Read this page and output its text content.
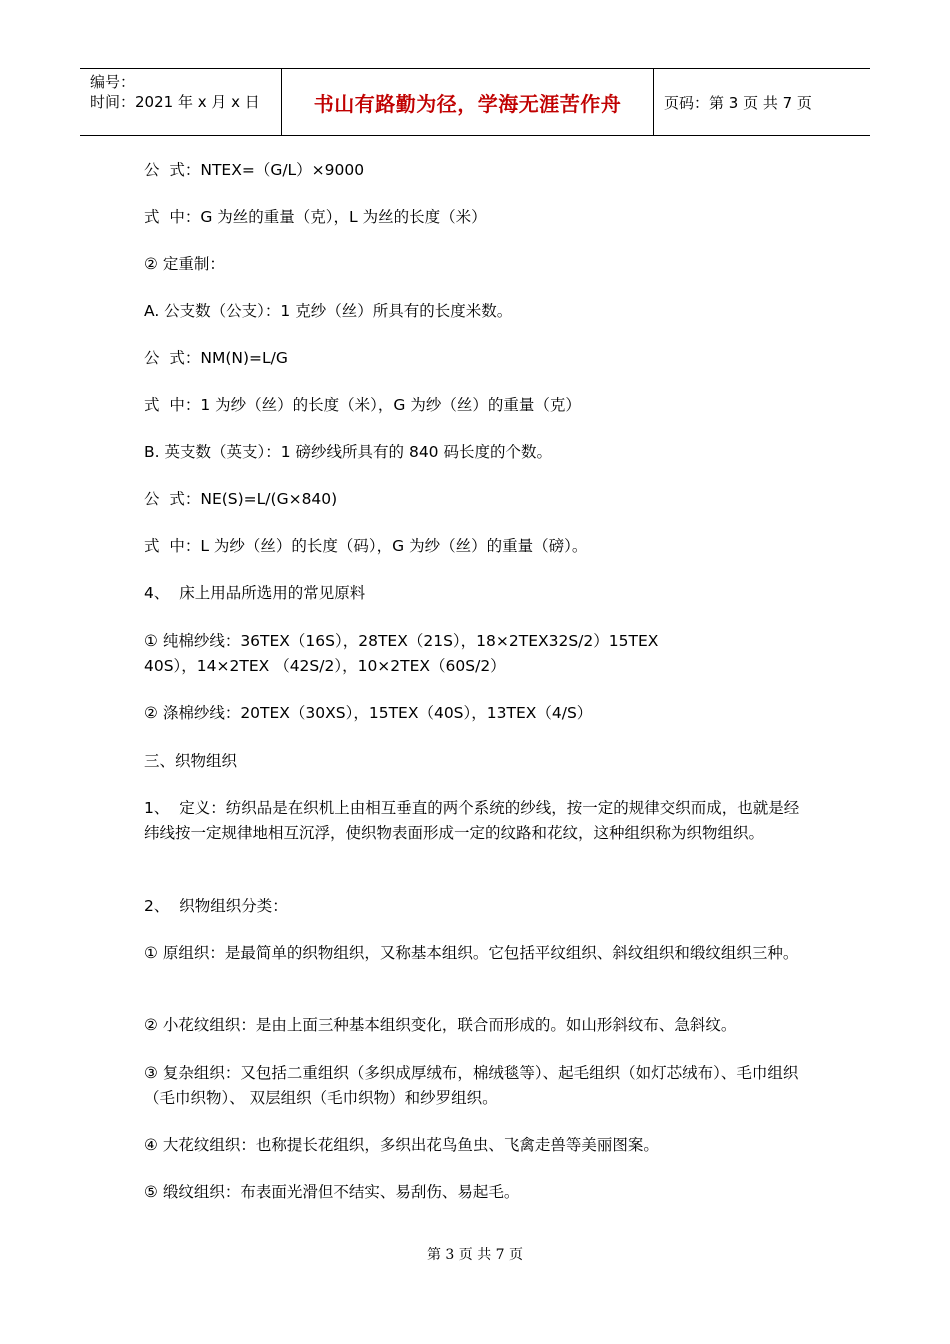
编号：
时间：2021 年 x 月 x 日	书山有路勤为径，学海无涯苦作舟	页码：第 3 页 共 7 页

公  式：NTEX=（G/L）×9000

式  中：G 为丝的重量（克），L 为丝的长度（米）

② 定重制：

A. 公支数（公支）：1 克纱（丝）所具有的长度米数。

公  式：NM(N)=L/G

式  中：1 为纱（丝）的长度（米），G 为纱（丝）的重量（克）

B. 英支数（英支）：1 磅纱线所具有的 840 码长度的个数。

公  式：NE(S)=L/(G×840)

式  中：L 为纱（丝）的长度（码），G 为纱（丝）的重量（磅）。

4、  床上用品所选用的常见原料

① 纯棉纱线：36TEX（16S），28TEX（21S），18×2TEX32S/2）15TEX
40S），14×2TEX （42S/2），10×2TEX（60S/2）

② 涤棉纱线：20TEX（30XS），15TEX（40S），13TEX（4/S）

三、织物组织

1、  定义：纺织品是在织机上由相互垂直的两个系统的纱线，按一定的规律交织而成，也就是经纬线按一定规律地相互沉浮，使织物表面形成一定的纹路和花纹，这种组织称为织物组织。

2、  织物组织分类：

① 原组织：是最简单的织物组织，又称基本组织。它包括平纹组织、斜纹组织和缎纹组织三种。

② 小花纹组织：是由上面三种基本组织变化，联合而形成的。如山形斜纹布、急斜纹。

③ 复杂组织：又包括二重组织（多织成厚绒布，棉绒毯等）、起毛组织（如灯芯绒布）、毛巾组织（毛巾织物）、 双层组织（毛巾织物）和纱罗组织。

④ 大花纹组织：也称提长花组织，多织出花鸟鱼虫、飞禽走兽等美丽图案。

⑤ 缎纹组织：布表面光滑但不结实、易刮伤、易起毛。

第 3 页 共 7 页
